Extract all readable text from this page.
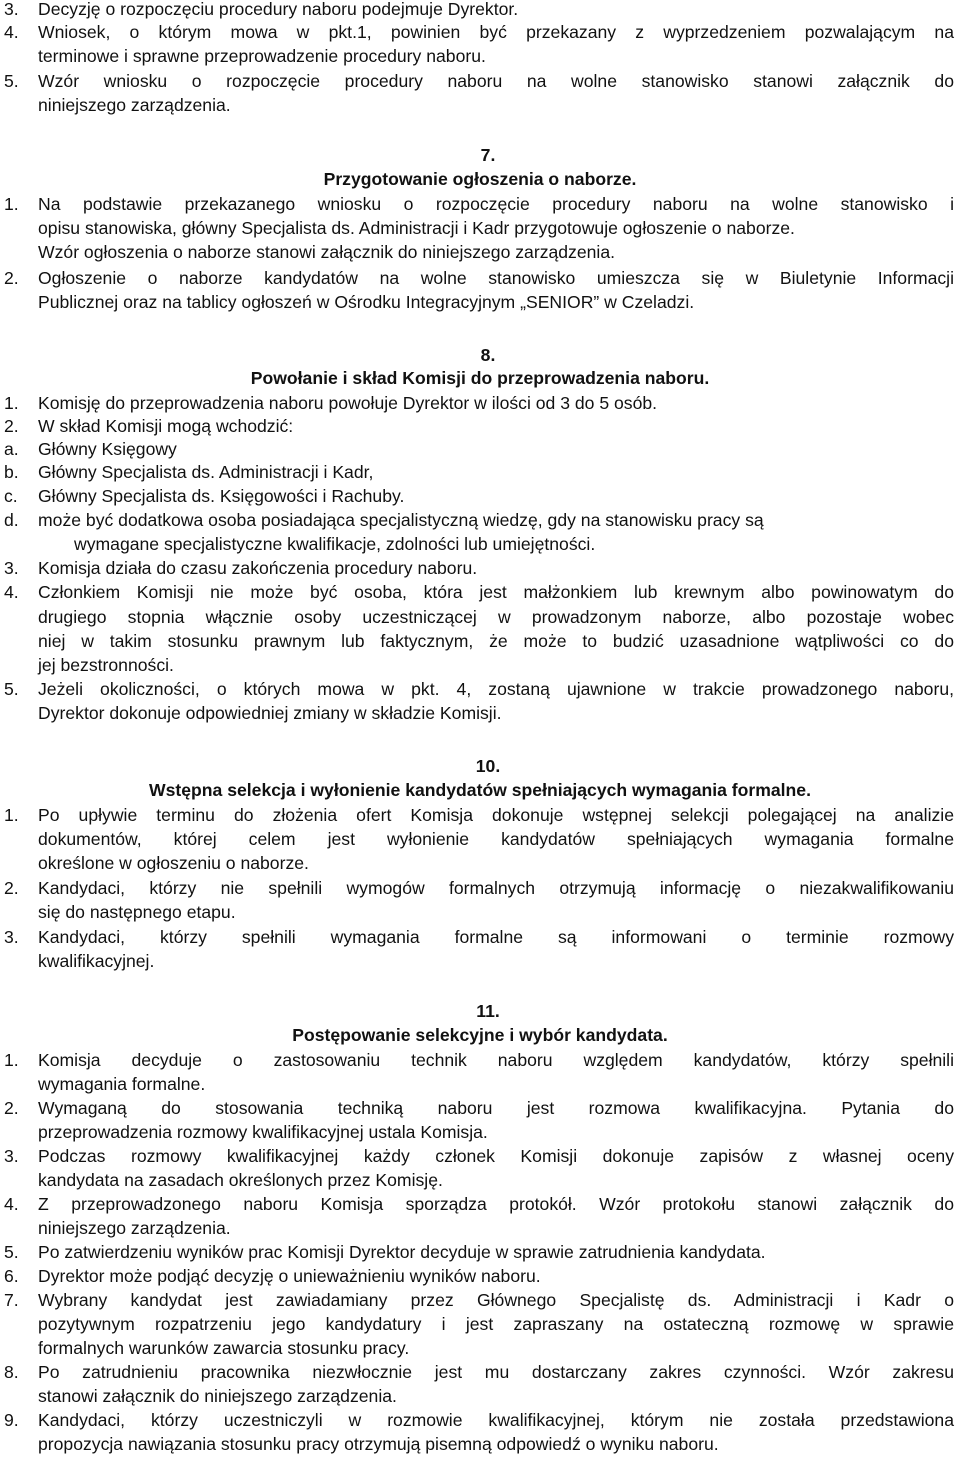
3. Decyzję o rozpoczęciu procedury naboru podejmuje Dyrektor.
4. Wniosek, o którym mowa w pkt.1, powinien być przekazany z wyprzedzeniem pozwalającym na
terminowe i sprawne przeprowadzenie procedury naboru.
5. Wzór wniosku o rozpoczęcie procedury naboru na wolne stanowisko stanowi załącznik do
niniejszego zarządzenia.
7.
Przygotowanie ogłoszenia o naborze.
1. Na podstawie przekazanego wniosku o rozpoczęcie procedury naboru na wolne stanowisko i
opisu stanowiska, główny Specjalista ds. Administracji i Kadr przygotowuje ogłoszenie o naborze.
Wzór ogłoszenia o naborze stanowi załącznik do niniejszego zarządzenia.
2. Ogłoszenie o naborze kandydatów na wolne stanowisko umieszcza się w Biuletynie Informacji
Publicznej oraz na tablicy ogłoszeń w Ośrodku Integracyjnym „SENIOR” w Czeladzi.
8.
Powołanie i skład Komisji do przeprowadzenia naboru.
1. Komisję do przeprowadzenia naboru powołuje Dyrektor w ilości od 3 do 5 osób.
2. W skład Komisji mogą wchodzić:
a. Główny Księgowy
b. Główny Specjalista ds. Administracji i Kadr,
c. Główny Specjalista ds. Księgowości i Rachuby.
d. może być dodatkowa osoba posiadająca specjalistyczną wiedzę, gdy na stanowisku pracy są
wymagane specjalistyczne kwalifikacje, zdolności lub umiejętności.
3. Komisja działa do czasu zakończenia procedury naboru.
4. Członkiem Komisji nie może być osoba, która jest małżonkiem lub krewnym albo powinowatym do
drugiego stopnia włącznie osoby uczestniczącej w prowadzonym naborze, albo pozostaje wobec
niej w takim stosunku prawnym lub faktycznym, że może to budzić uzasadnione wątpliwości co do
jej bezstronności.
5. Jeżeli okoliczności, o których mowa w pkt. 4, zostaną ujawnione w trakcie prowadzonego naboru,
Dyrektor dokonuje odpowiedniej zmiany w składzie Komisji.
10.
Wstępna selekcja i wyłonienie kandydatów spełniających wymagania formalne.
1. Po upływie terminu do złożenia ofert Komisja dokonuje wstępnej selekcji polegającej na analizie
dokumentów, której celem jest wyłonienie kandydatów spełniających wymagania formalne
określone w ogłoszeniu o naborze.
2. Kandydaci, którzy nie spełnili wymogów formalnych otrzymują informację o niezakwalifikowaniu
się do następnego etapu.
3. Kandydaci, którzy spełnili wymagania formalne są informowani o terminie rozmowy
kwalifikacyjnej.
11.
Postępowanie selekcyjne i wybór kandydata.
1. Komisja decyduje o zastosowaniu technik naboru względem kandydatów, którzy spełnili
wymagania formalne.
2. Wymaganą do stosowania techniką naboru jest rozmowa kwalifikacyjna. Pytania do
przeprowadzenia rozmowy kwalifikacyjnej ustala Komisja.
3. Podczas rozmowy kwalifikacyjnej każdy członek Komisji dokonuje zapisów z własnej oceny
kandydata na zasadach określonych przez Komisję.
4. Z przeprowadzonego naboru Komisja sporządza protokół. Wzór protokołu stanowi załącznik do
niniejszego zarządzenia.
5. Po zatwierdzeniu wyników prac Komisji Dyrektor decyduje w sprawie zatrudnienia kandydata.
6. Dyrektor może podjąć decyzję o unieważnieniu wyników naboru.
7. Wybrany kandydat jest zawiadamiany przez Głównego Specjalistę ds. Administracji i Kadr o
pozytywnym rozpatrzeniu jego kandydatury i jest zapraszany na ostateczną rozmowę w sprawie
formalnych warunków zawarcia stosunku pracy.
8. Po zatrudnieniu pracownika niezwłocznie jest mu dostarczany zakres czynności. Wzór zakresu
stanowi załącznik do niniejszego zarządzenia.
9. Kandydaci, którzy uczestniczyli w rozmowie kwalifikacyjnej, którym nie została przedstawiona
propozycja nawiązania stosunku pracy otrzymują pisemną odpowiedź o wyniku naboru.
